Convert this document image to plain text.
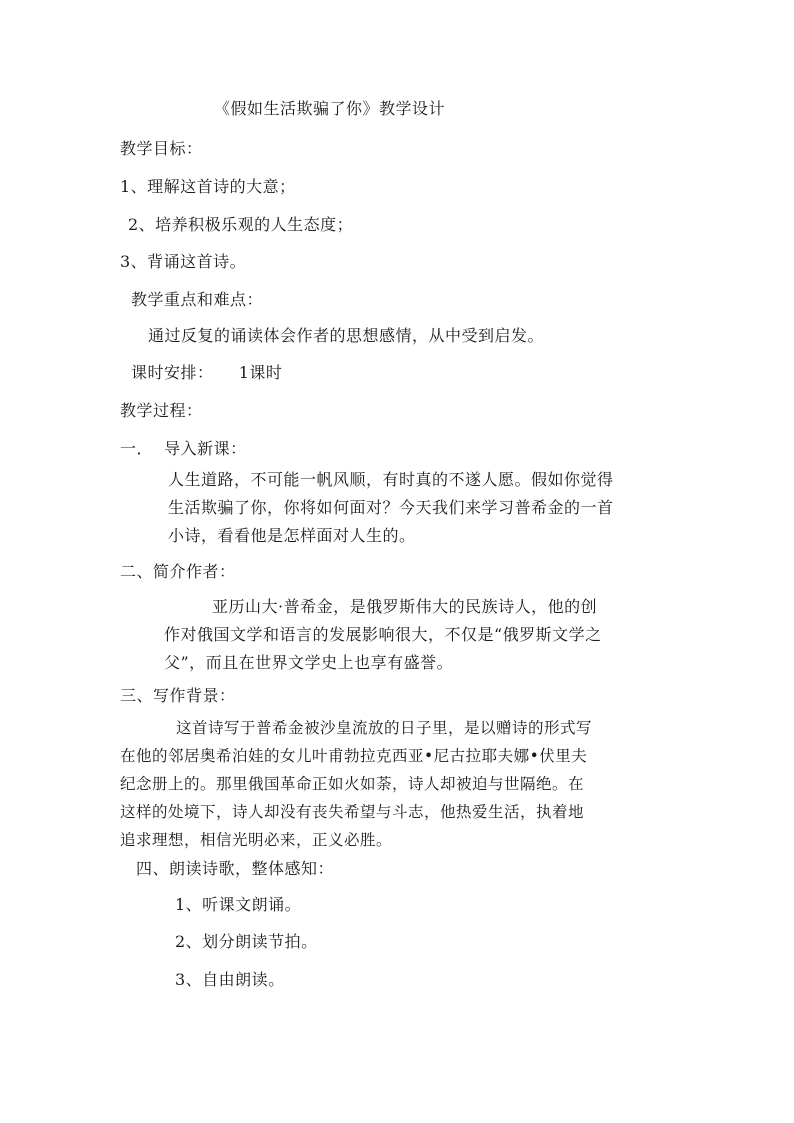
《假如生活欺骗了你》教学设计
教学目标：
1、理解这首诗的大意；
2、培养积极乐观的人生态度；
3、背诵这首诗。
教学重点和难点：
通过反复的诵读体会作者的思想感情，从中受到启发。
课时安排： 1课时
教学过程：
一．  导入新课：
人生道路，不可能一帆风顺，有时真的不遂人愿。假如你觉得
生活欺骗了你，你将如何面对？今天我们来学习普希金的一首
小诗，看看他是怎样面对人生的。
二、简介作者：
亚历山大·普希金，是俄罗斯伟大的民族诗人，他的创
作对俄国文学和语言的发展影响很大，不仅是“俄罗斯文学之
父”，而且在世界文学史上也享有盛誉。
三、写作背景：
这首诗写于普希金被沙皇流放的日子里，是以赠诗的形式写
在他的邻居奥希泊娃的女儿叶甫勃拉克西亚•尼古拉耶夫娜•伏里夫
纪念册上的。那里俄国革命正如火如荼，诗人却被迫与世隔绝。在
这样的处境下，诗人却没有丧失希望与斗志，他热爱生活，执着地
追求理想，相信光明必来，正义必胜。
四、朗读诗歌，整体感知：
1、听课文朗诵。
2、划分朗读节拍。
3、自由朗读。
